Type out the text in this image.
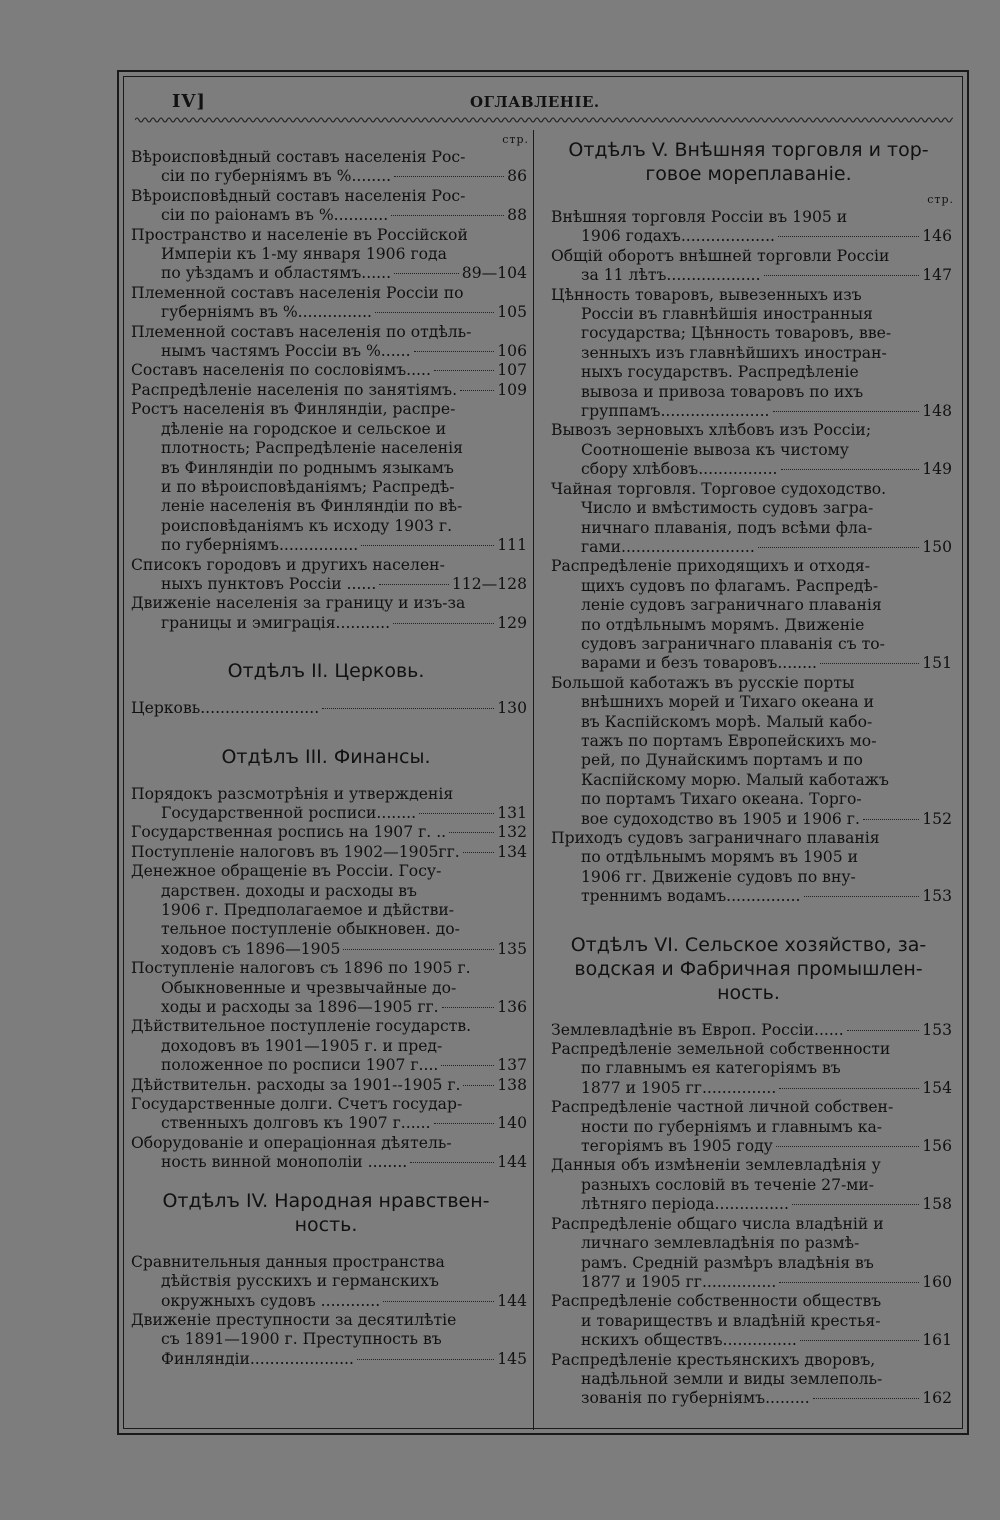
IV]	ОГЛАВЛЕНІЕ.
стр.
Вѣроисповѣдный составъ населенія Рос-
сіи по губерніямъ въ %........	86
Вѣроисповѣдный составъ населенія Рос-
сіи по раіонамъ въ %...........	88
Пространство и населеніе въ Россійской
Имперіи къ 1-му января 1906 года
по уѣздамъ и областямъ......	89—104
Племенной составъ населенія Россіи по
губерніямъ въ %...............	105
Племенной составъ населенія по отдѣль-
нымъ частямъ Россіи въ %......	106
Составъ населенія по сословіямъ.....	107
Распредѣленіе населенія по занятіямъ.	109
Ростъ населенія въ Финляндіи, распре-
дѣленіе на городское и сельское и
плотность; Распредѣленіе населенія
въ Финляндіи по роднымъ языкамъ
и по вѣроисповѣданіямъ; Распредѣ-
леніе населенія въ Финляндіи по вѣ-
роисповѣданіямъ къ исходу 1903 г.
по губерніямъ................	111
Списокъ городовъ и другихъ населен-
ныхъ пунктовъ Россіи ......	112—128
Движеніе населенія за границу и изъ-за
границы и эмиграція...........	129
Отдѣлъ II. Церковь.
Церковь........................	130
Отдѣлъ III. Финансы.
Порядокъ разсмотрѣнія и утвержденія
Государственной росписи........	131
Государственная роспись на 1907 г. ..	132
Поступленіе налоговъ въ 1902—1905гг. 134
Денежное обращеніе въ Россіи. Госу-
дарствен. доходы и расходы въ
1906 г. Предполагаемое и дѣйстви-
тельное поступленіе обыкновен. до-
ходовъ съ 1896—1905	135
Поступленіе налоговъ съ 1896 по 1905 г.
Обыкновенные и чрезвычайные до-
ходы и расходы за 1896—1905 гг.	136
Дѣйствительное поступленіе государств.
доходовъ въ 1901—1905 г. и пред-
положенное по росписи 1907 г....	137
Дѣйствительн. расходы за 1901--1905 г. 138
Государственные долги. Счетъ государ-
ственныхъ долговъ къ 1907 г......	140
Оборудованіе и операціонная дѣятель-
ность винной монополіи ........	144
Отдѣлъ IV. Народная нравствен-
ность.
Сравнительныя данныя пространства
дѣйствія русскихъ и германскихъ
окружныхъ судовъ ............	144
Движеніе преступности за десятилѣтіе
съ 1891—1900 г. Преступность въ
Финляндіи.....................	145
Отдѣлъ V. Внѣшняя торговля и тор-
говое мореплаваніе.
стр.
Внѣшняя торговля Россіи въ 1905 и
1906 годахъ...................	146
Общій оборотъ внѣшней торговли Россіи
за 11 лѣтъ...................	147
Цѣнность товаровъ, вывезенныхъ изъ
Россіи въ главнѣйшія иностранныя
государства; Цѣнность товаровъ, вве-
зенныхъ изъ главнѣйшихъ иностран-
ныхъ государствъ. Распредѣленіе
вывоза и привоза товаровъ по ихъ
группамъ......................	148
Вывозъ зерновыхъ хлѣбовъ изъ Россіи;
Соотношеніе вывоза къ чистому
сбору хлѣбовъ................	149
Чайная торговля. Торговое судоходство.
Число и вмѣстимость судовъ загра-
ничнаго плаванія, подъ всѣми фла-
гами...........................	150
Распредѣленіе приходящихъ и отходя-
щихъ судовъ по флагамъ. Распредѣ-
леніе судовъ заграничнаго плаванія
по отдѣльнымъ морямъ. Движеніе
судовъ заграничнаго плаванія съ то-
варами и безъ товаровъ........	151
Большой каботажъ въ русскіе порты
внѣшнихъ морей и Тихаго океана и
въ Каспійскомъ морѣ. Малый кабо-
тажъ по портамъ Европейскихъ мо-
рей, по Дунайскимъ портамъ и по
Каспійскому морю. Малый каботажъ
по портамъ Тихаго океана. Торго-
вое судоходство въ 1905 и 1906 г.	152
Приходъ судовъ заграничнаго плаванія
по отдѣльнымъ морямъ въ 1905 и
1906 гг. Движеніе судовъ по вну-
треннимъ водамъ...............	153
Отдѣлъ VI. Сельское хозяйство, за-
водская и Фабричная промышлен-
ность.
Землевладѣніе въ Европ. Россіи......	153
Распредѣленіе земельной собственности
по главнымъ ея категоріямъ въ
1877 и 1905 гг...............	154
Распредѣленіе частной личной собствен-
ности по губерніямъ и главнымъ ка-
тегоріямъ въ 1905 году	156
Данныя объ измѣненіи землевладѣнія у
разныхъ сословій въ теченіе 27-ми-
лѣтняго періода...............	158
Распредѣленіе общаго числа владѣній и
личнаго землевладѣнія по размѣ-
рамъ. Средній размѣръ владѣнія въ
1877 и 1905 гг...............	160
Распредѣленіе собственности обществъ
и товариществъ и владѣній крестья-
нскихъ обществъ...............	161
Распредѣленіе крестьянскихъ дворовъ,
надѣльной земли и виды землеполь-
зованія по губерніямъ.........	162
